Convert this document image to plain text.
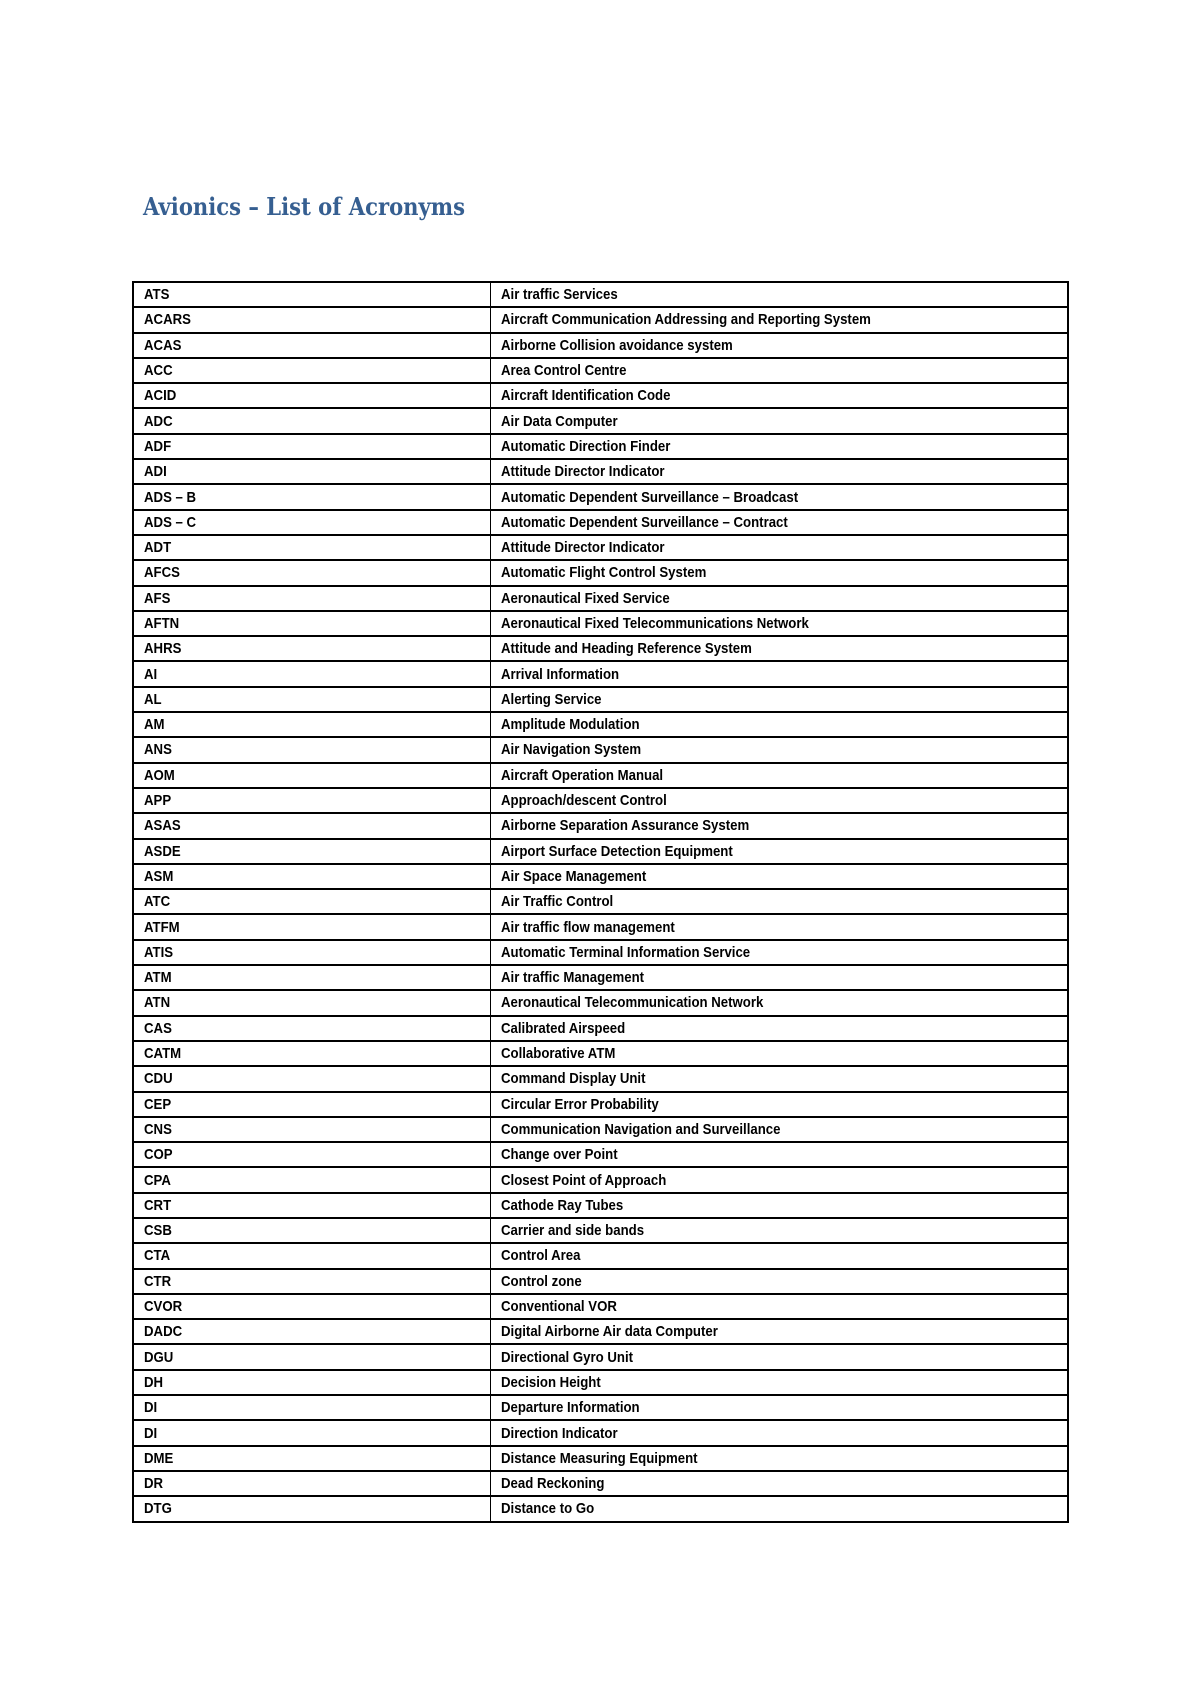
Avionics – List of Acronyms
ATS	Air traffic Services
ACARS	Aircraft Communication Addressing and Reporting System
ACAS	Airborne Collision avoidance system
ACC	Area Control Centre
ACID	Aircraft Identification Code
ADC	Air Data Computer
ADF	Automatic Direction Finder
ADI	Attitude Director Indicator
ADS – B	Automatic Dependent Surveillance – Broadcast
ADS – C	Automatic Dependent Surveillance – Contract
ADT	Attitude Director Indicator
AFCS	Automatic Flight Control System
AFS	Aeronautical Fixed Service
AFTN	Aeronautical Fixed Telecommunications Network
AHRS	Attitude and Heading Reference System
AI	Arrival Information
AL	Alerting Service
AM	Amplitude Modulation
ANS	Air Navigation System
AOM	Aircraft Operation Manual
APP	Approach/descent Control
ASAS	Airborne Separation Assurance System
ASDE	Airport Surface Detection Equipment
ASM	Air Space Management
ATC	Air Traffic Control
ATFM	Air traffic flow management
ATIS	Automatic Terminal Information Service
ATM	Air traffic Management
ATN	Aeronautical Telecommunication Network
CAS	Calibrated Airspeed
CATM	Collaborative ATM
CDU	Command Display Unit
CEP	Circular Error Probability
CNS	Communication Navigation and Surveillance
COP	Change over Point
CPA	Closest Point of Approach
CRT	Cathode Ray Tubes
CSB	Carrier and side bands
CTA	Control Area
CTR	Control zone
CVOR	Conventional VOR
DADC	Digital Airborne Air data Computer
DGU	Directional Gyro Unit
DH	Decision Height
DI	Departure Information
DI	Direction Indicator
DME	Distance Measuring Equipment
DR	Dead Reckoning
DTG	Distance to Go
